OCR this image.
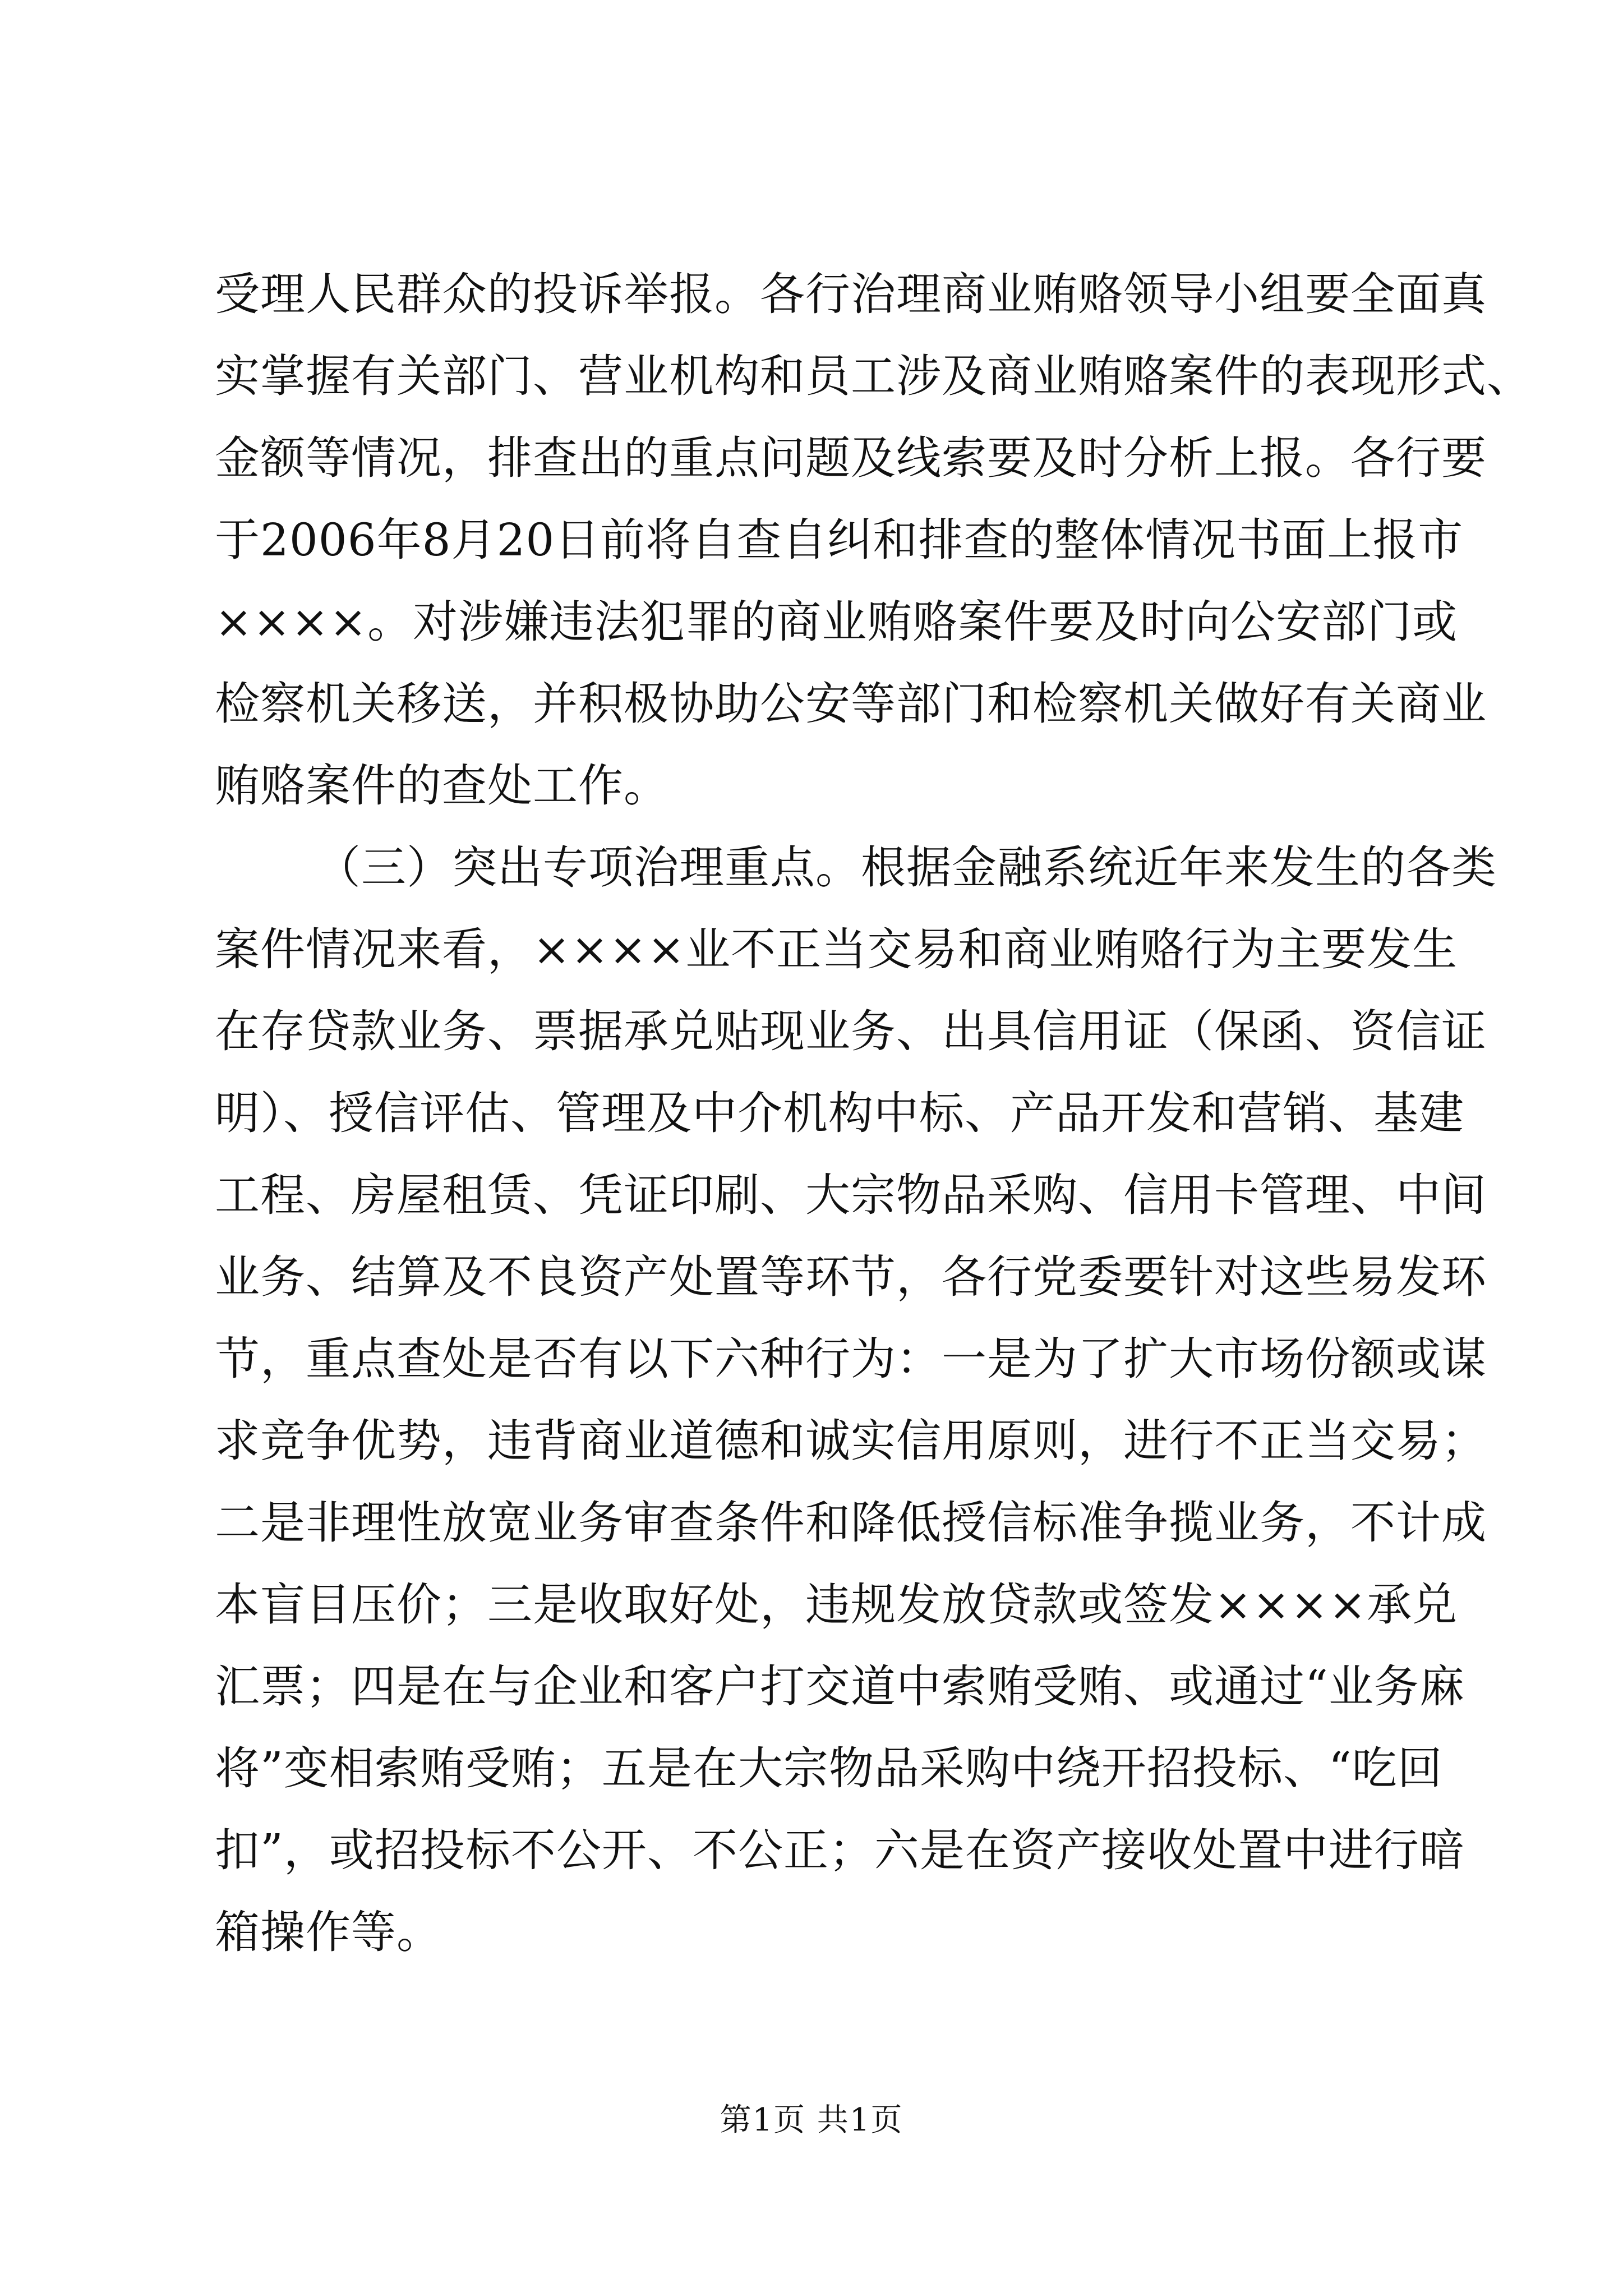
受理人民群众的投诉举报。各行治理商业贿赂领导小组要全面真
实掌握有关部门、营业机构和员工涉及商业贿赂案件的表现形式、
金额等情况，排查出的重点问题及线索要及时分析上报。各行要
于2006年8月20日前将自查自纠和排查的整体情况书面上报市
××××。对涉嫌违法犯罪的商业贿赂案件要及时向公安部门或
检察机关移送，并积极协助公安等部门和检察机关做好有关商业
贿赂案件的查处工作。
（三）突出专项治理重点。根据金融系统近年来发生的各类
案件情况来看，××××业不正当交易和商业贿赂行为主要发生
在存贷款业务、票据承兑贴现业务、出具信用证（保函、资信证
明）、授信评估、管理及中介机构中标、产品开发和营销、基建
工程、房屋租赁、凭证印刷、大宗物品采购、信用卡管理、中间
业务、结算及不良资产处置等环节，各行党委要针对这些易发环
节，重点查处是否有以下六种行为：一是为了扩大市场份额或谋
求竞争优势，违背商业道德和诚实信用原则，进行不正当交易；
二是非理性放宽业务审查条件和降低授信标准争揽业务，不计成
本盲目压价；三是收取好处，违规发放贷款或签发××××承兑
汇票；四是在与企业和客户打交道中索贿受贿、或通过“业务麻
将”变相索贿受贿；五是在大宗物品采购中绕开招投标、“吃回
扣”，或招投标不公开、不公正；六是在资产接收处置中进行暗
箱操作等。
第1页 共1页
